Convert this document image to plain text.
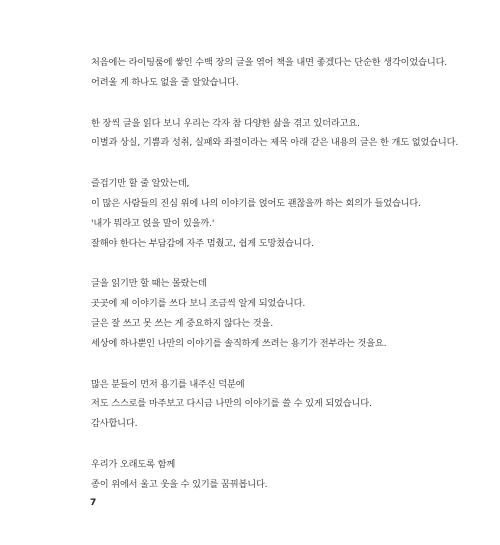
처음에는 라이팅룸에 쌓인 수백 장의 글을 엮어 책을 내면 좋겠다는 단순한 생각이었습니다.
어려울 게 하나도 없을 줄 알았습니다.

한 장씩 글을 읽다 보니 우리는 각자 참 다양한 삶을 겪고 있더라고요.
이별과 상실, 기쁨과 성취, 실패와 좌절이라는 제목 아래 같은 내용의 글은 한 개도 없었습니다.

즐겁기만 할 줄 알았는데,
이 많은 사람들의 진심 위에 나의 이야기를 얹어도 괜찮을까 하는 회의가 들었습니다.
'내가 뭐라고 얹을 말이 있을까.'
잘해야 한다는 부담감에 자주 멈췄고, 쉽게 도망쳤습니다.

글을 읽기만 할 때는 몰랐는데
곳곳에 제 이야기를 쓰다 보니 조금씩 알게 되었습니다.
글은 잘 쓰고 못 쓰는 게 중요하지 않다는 것을.
세상에 하나뿐인 나만의 이야기를 솔직하게 쓰려는 용기가 전부라는 것을요.

많은 분들이 먼저 용기를 내주신 덕분에
저도 스스로를 마주보고 다시금 나만의 이야기를 쓸 수 있게 되었습니다.
감사합니다.

우리가 오래도록 함께
종이 위에서 울고 웃을 수 있기를 꿈꿔봅니다.

7
